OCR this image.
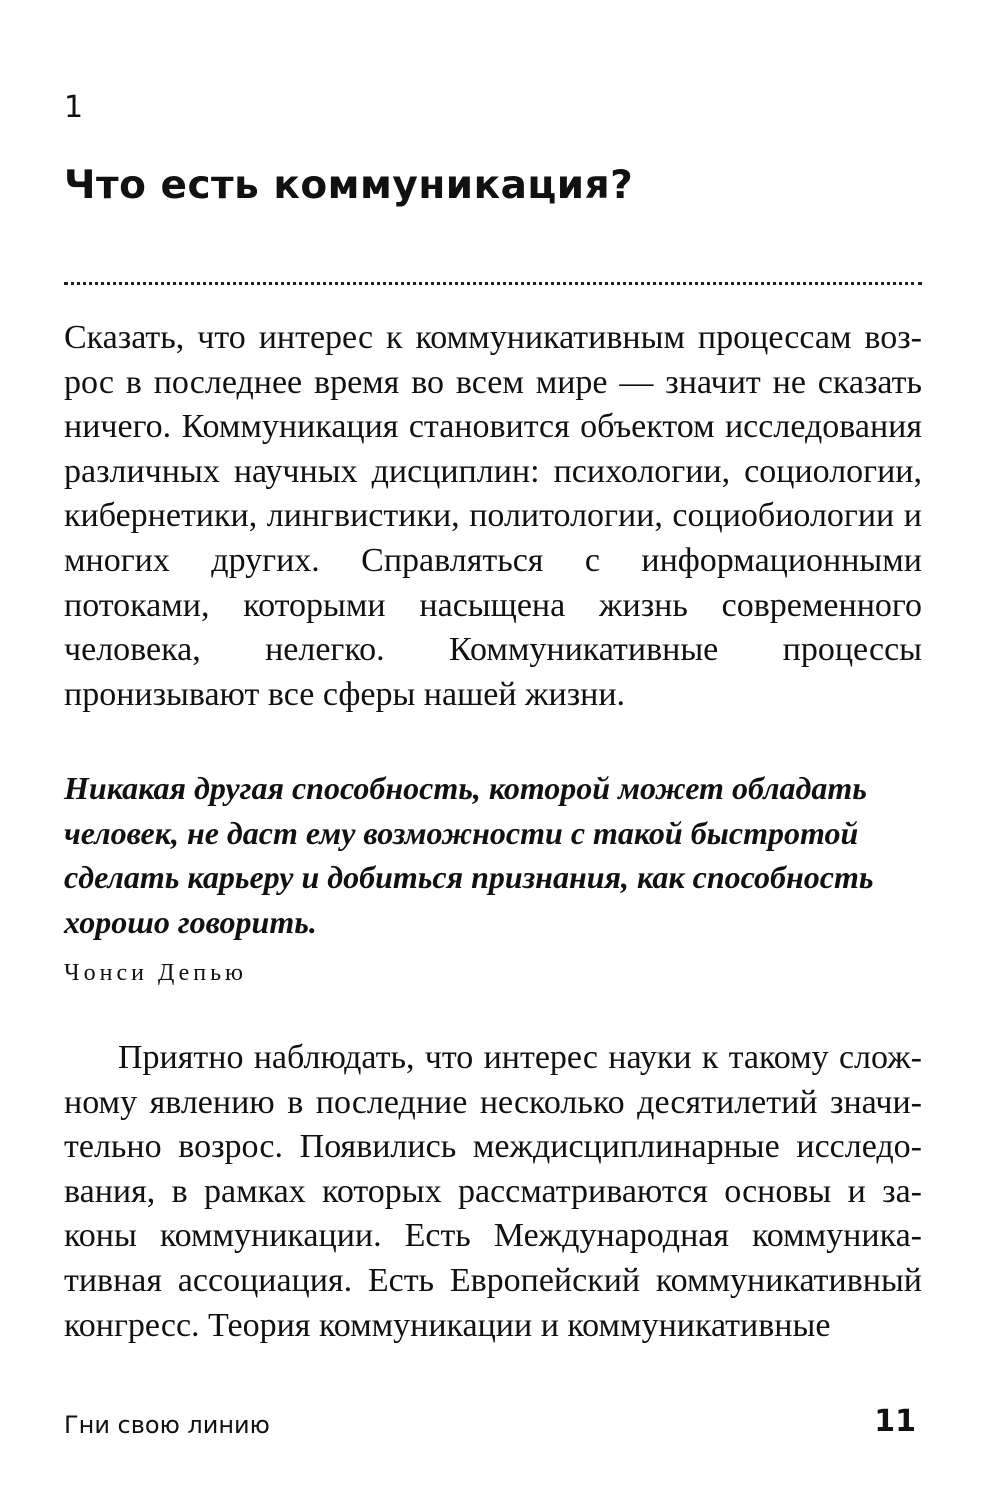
1
Что есть коммуникация?

Сказать, что интерес к коммуникативным процессам возрос в последнее время во всем мире — значит не сказать ничего. Коммуникация становится объектом исследования различных научных дисциплин: психологии, социологии, кибернетики, лингвистики, политологии, социобиологии и многих других. Справляться с информационными потоками, которыми насыщена жизнь современного человека, нелегко. Коммуникативные процессы пронизывают все сферы нашей жизни.

Никакая другая способность, которой может обладать человек, не даст ему возможности с такой быстротой сделать карьеру и добиться признания, как способность хорошо говорить.

Чонси Депью

Приятно наблюдать, что интерес науки к такому сложному явлению в последние несколько десятилетий значительно возрос. Появились междисциплинарные исследования, в рамках которых рассматриваются основы и законы коммуникации. Есть Международная коммуникативная ассоциация. Есть Европейский коммуникативный конгресс. Теория коммуникации и коммуникативные

Гни свою линию	11
